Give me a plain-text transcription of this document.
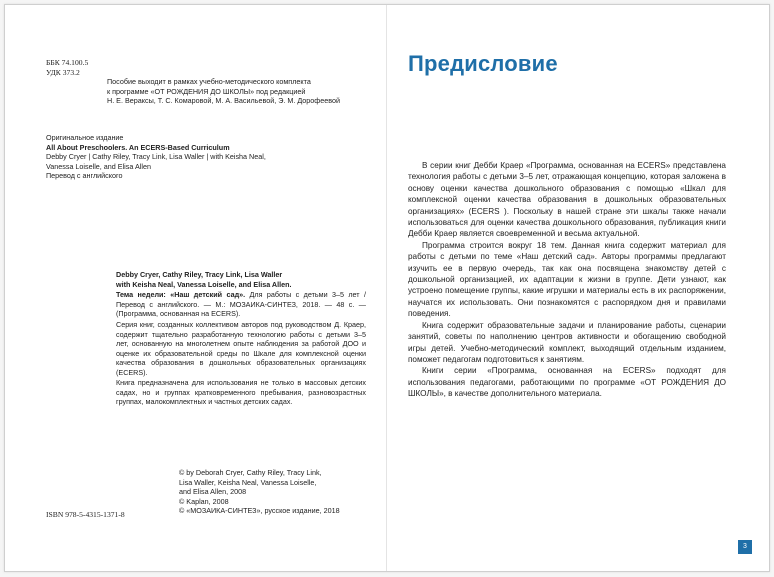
ББК 74.100.5
УДК 373.2
Пособие выходит в рамках учебно-методического комплекта
к программе «ОТ РОЖДЕНИЯ ДО ШКОЛЫ» под редакцией
Н. Е. Вераксы, Т. С. Комаровой, М. А. Васильевой, Э. М. Дорофеевой
Оригинальное издание
All About Preschoolers. An ECERS-Based Curriculum
Debby Cryer | Cathy Riley, Tracy Link, Lisa Waller | with Keisha Neal,
Vanessa Loiselle, and Elisa Allen
Перевод с английского
Debby Cryer, Cathy Riley, Tracy Link, Lisa Waller
with Keisha Neal, Vanessa Loiselle, and Elisa Allen.
Тема недели: «Наш детский сад». Для работы с детьми 3–5 лет / Перевод с английского. — М.: МОЗАИКА-СИНТЕЗ, 2018. — 48 с. — (Программа, основанная на ECERS).
Серия книг, созданных коллективом авторов под руководством Д. Краер, содержит тщательно разработанную технологию работы с детьми 3–5 лет, основанную на многолетнем опыте наблюдения за работой ДОО и оценке их образовательной среды по Шкале для комплексной оценки качества образования в дошкольных образовательных организациях (ECERS).
Книга предназначена для использования не только в массовых детских садах, но и группах кратковременного пребывания, разновозрастных группах, малокомплектных и частных детских садах.
© by Deborah Cryer, Cathy Riley, Tracy Link,
Lisa Waller, Keisha Neal, Vanessa Loiselle,
and Elisa Allen, 2008
© Kaplan, 2008
© «МОЗАИКА-СИНТЕЗ», русское издание, 2018
ISBN 978-5-4315-1371-8
Предисловие

В серии книг Дебби Краер «Программа, основанная на ECERS» представлена технология работы с детьми 3–5 лет, отражающая концепцию, которая заложена в основу оценки качества дошкольного образования с помощью «Шкал для комплексной оценки качества образования в дошкольных образовательных организациях» (ECERS ). Поскольку в нашей стране эти шкалы также начали использоваться для оценки качества дошкольного образования, публикация книги Дебби Краер является своевременной и весьма актуальной.

Программа строится вокруг 18 тем. Данная книга содержит материал для работы с детьми по теме «Наш детский сад». Авторы программы предлагают изучить ее в первую очередь, так как она посвящена знакомству детей с дошкольной организацией, их адаптации к жизни в группе. Дети узнают, как устроено помещение группы, какие игрушки и материалы есть в их распоряжении, научатся их использовать. Они познакомятся с распорядком дня и правилами поведения.

Книга содержит образовательные задачи и планирование работы, сценарии занятий, советы по наполнению центров активности и обогащению свободной игры детей. Учебно-методический комплект, выходящий отдельным изданием, поможет педагогам подготовиться к занятиям.

Книги серии «Программа, основанная на ECERS» подходят для использования педагогами, работающими по программе «ОТ РОЖДЕНИЯ ДО ШКОЛЫ», в качестве дополнительного материала.

3
